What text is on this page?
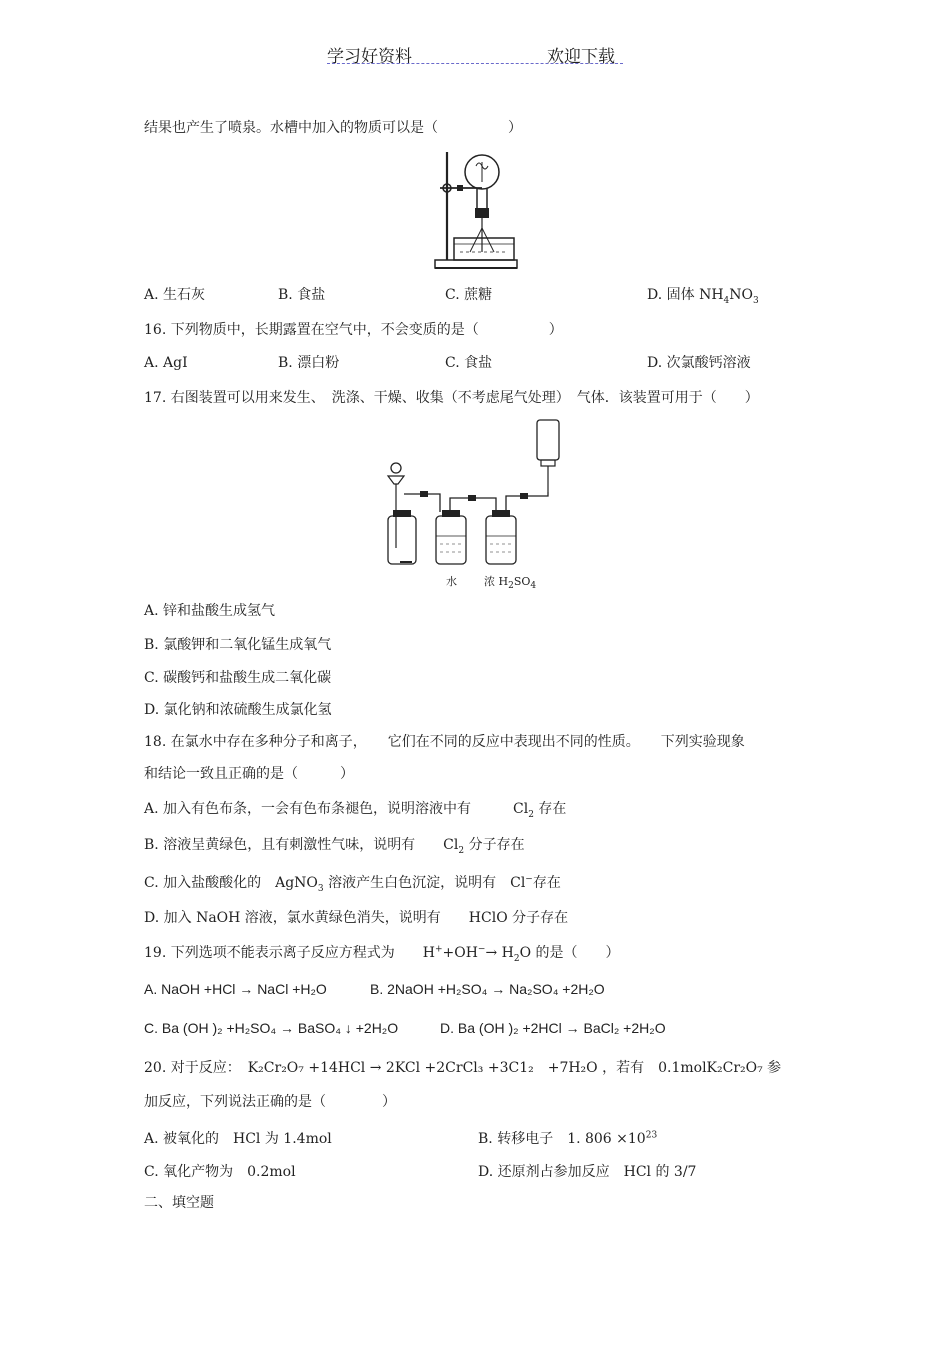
学习好资料	欢迎下载
结果也产生了喷泉。水槽中加入的物质可以是（　　　　　）
A. 生石灰	B. 食盐	C. 蔗糖	D. 固体 $NH_4NO_3$
16. 下列物质中，长期露置在空气中，不会变质的是（　　　　　）
A. AgI	B. 漂白粉	C. 食盐	D. 次氯酸钙溶液
17. 右图装置可以用来发生、　洗涤、干燥、收集（不考虑尾气处理）　气体．该装置可用于（　　）
水 浓 $H_2SO_4$
A. 锌和盐酸生成氢气
B. 氯酸钾和二氧化锰生成氧气
C. 碳酸钙和盐酸生成二氧化碳
D. 氯化钠和浓硫酸生成氯化氢
18. 在氯水中存在多种分子和离子，　　它们在不同的反应中表现出不同的性质。　　下列实验现象
和结论一致且正确的是（　　　）
A. 加入有色布条，一会有色布条褪色，说明溶液中有　　　$Cl_2$ 存在
B. 溶液呈黄绿色，且有刺激性气味，说明有　　$Cl_2$ 分子存在
C. 加入盐酸酸化的　AgNO$_3$ 溶液产生白色沉淀，说明有　Cl−存在
D. 加入 NaOH 溶液，氯水黄绿色消失，说明有　　HClO 分子存在
19. 下列选项不能表示离子反应方程式为　　$H^++OH^-\to H_2O$ 的是（　　）
A. NaOH +HCl → NaCl +H₂O	B. 2NaOH +H₂SO₄ → Na₂SO₄ +2H₂O
C. Ba (OH )₂ +H₂SO₄ → BaSO₄ ↓ +2H₂O	D. Ba (OH )₂ +2HCl → BaCl₂ +2H₂O
20. 对于反应：　K₂Cr₂O₇ +14HCl → 2KCl +2CrCl₃ +3C1₂　+7H₂O ，若有　0.1molK₂Cr₂O₇ 参
加反应，下列说法正确的是（　　　　）
A. 被氧化的　HCl 为 1.4mol	B. 转移电子　1. $806 \times 10^{23}$
C. 氧化产物为　0.2mol	D. 还原剂占参加反应　HCl 的 3/7
二、填空题
